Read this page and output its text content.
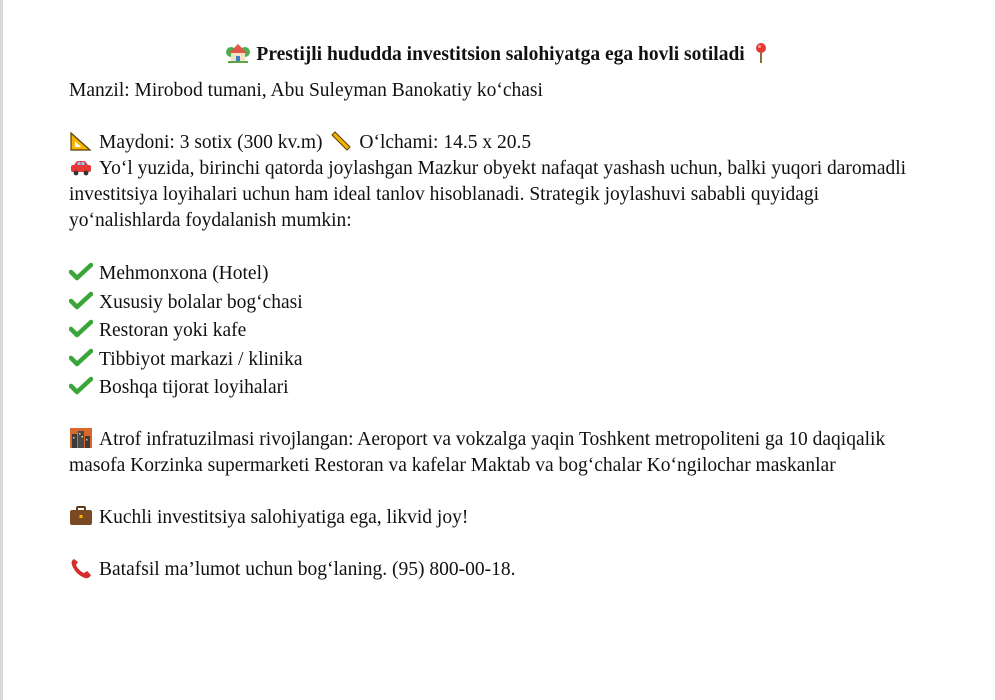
Prestijli hududda investitsion salohiyatga ega hovli sotiladi

Manzil: Mirobod tumani, Abu Suleyman Banokatiy ko‘chasi

Maydoni: 3 sotix (300 kv.m) O‘lchami: 14.5 x 20.5

Yo‘l yuzida, birinchi qatorda joylashgan Mazkur obyekt nafaqat yashash uchun, balki yuqori daromadli investitsiya loyihalari uchun ham ideal tanlov hisoblanadi. Strategik joylashuvi sababli quyidagi yo‘nalishlarda foydalanish mumkin:

Mehmonxona (Hotel)
Xususiy bolalar bog‘chasi
Restoran yoki kafe
Tibbiyot markazi / klinika
Boshqa tijorat loyihalari

Atrof infratuzilmasi rivojlangan: Aeroport va vokzalga yaqin Toshkent metropoliteni ga 10 daqiqalik masofa Korzinka supermarketi Restoran va kafelar Maktab va bog‘chalar Ko‘ngilochar maskanlar

Kuchli investitsiya salohiyatiga ega, likvid joy!

Batafsil ma’lumot uchun bog‘laning. (95) 800-00-18.
